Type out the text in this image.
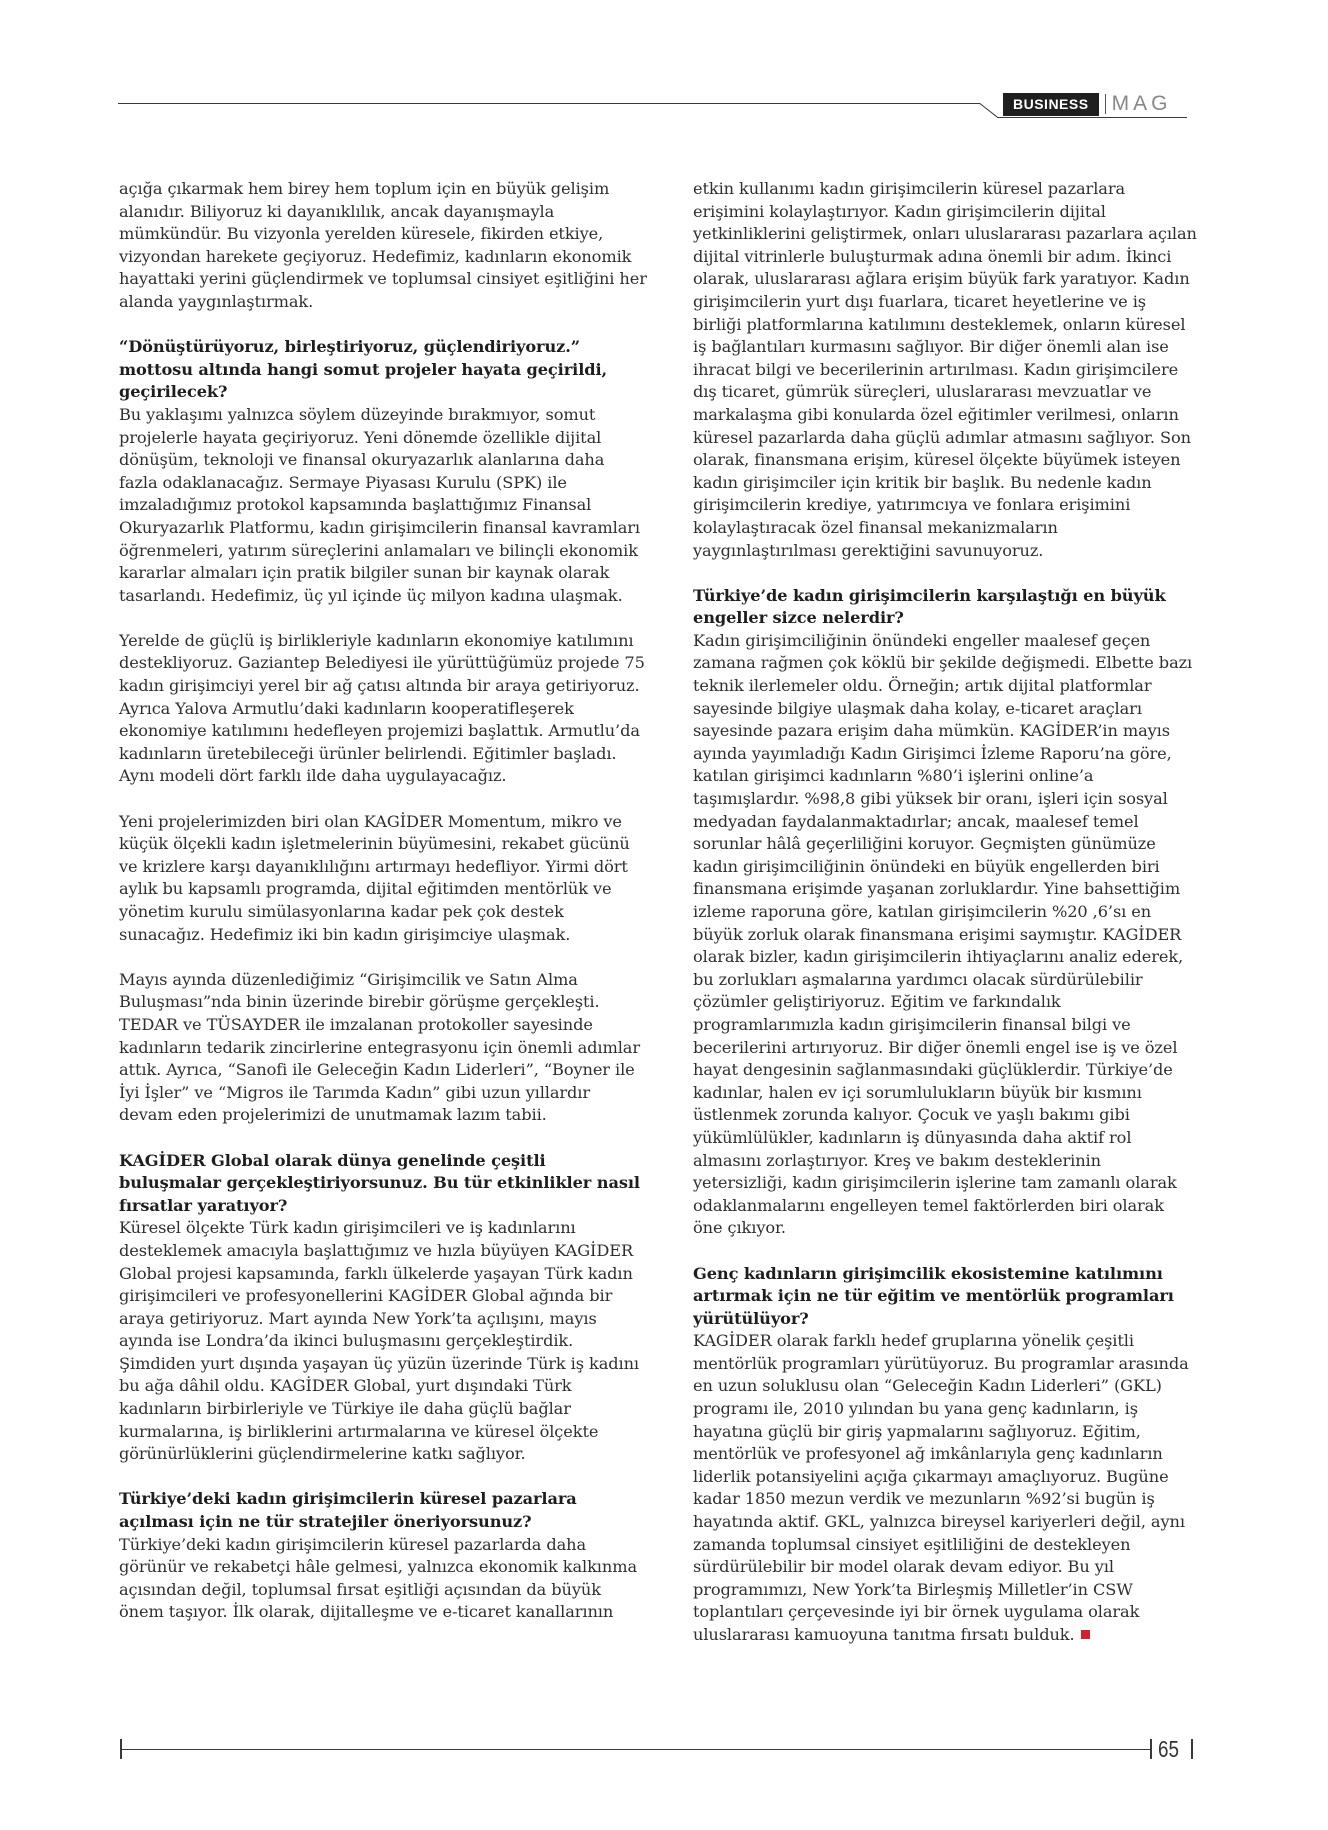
BUSINESS	MAG

açığa çıkarmak hem birey hem toplum için en büyük gelişim alanıdır. Biliyoruz ki dayanıklılık, ancak dayanışmayla mümkündür. Bu vizyonla yerelden küresele, fikirden etkiye, vizyondan harekete geçiyoruz. Hedefimiz, kadınların ekonomik hayattaki yerini güçlendirmek ve toplumsal cinsiyet eşitliğini her alanda yaygınlaştırmak.

“Dönüştürüyoruz, birleştiriyoruz, güçlendiriyoruz.” mottosu altında hangi somut projeler hayata geçirildi, geçirilecek?

Bu yaklaşımı yalnızca söylem düzeyinde bırakmıyor, somut projelerle hayata geçiriyoruz. Yeni dönemde özellikle dijital dönüşüm, teknoloji ve finansal okuryazarlık alanlarına daha fazla odaklanacağız. Sermaye Piyasası Kurulu (SPK) ile imzaladığımız protokol kapsamında başlattığımız Finansal Okuryazarlık Platformu, kadın girişimcilerin finansal kavramları öğrenmeleri, yatırım süreçlerini anlamaları ve bilinçli ekonomik kararlar almaları için pratik bilgiler sunan bir kaynak olarak tasarlandı. Hedefimiz, üç yıl içinde üç milyon kadına ulaşmak.

Yerelde de güçlü iş birlikleriyle kadınların ekonomiye katılımını destekliyoruz. Gaziantep Belediyesi ile yürüttüğümüz projede 75 kadın girişimciyi yerel bir ağ çatısı altında bir araya getiriyoruz. Ayrıca Yalova Armutlu’daki kadınların kooperatifleşerek ekonomiye katılımını hedefleyen projemizi başlattık. Armutlu’da kadınların üretebileceği ürünler belirlendi. Eğitimler başladı. Aynı modeli dört farklı ilde daha uygulayacağız.

Yeni projelerimizden biri olan KAGİDER Momentum, mikro ve küçük ölçekli kadın işletmelerinin büyümesini, rekabet gücünü ve krizlere karşı dayanıklılığını artırmayı hedefliyor. Yirmi dört aylık bu kapsamlı programda, dijital eğitimden mentörlük ve yönetim kurulu simülasyonlarına kadar pek çok destek sunacağız. Hedefimiz iki bin kadın girişimciye ulaşmak.

Mayıs ayında düzenlediğimiz “Girişimcilik ve Satın Alma Buluşması”nda binin üzerinde birebir görüşme gerçekleşti. TEDAR ve TÜSAYDER ile imzalanan protokoller sayesinde kadınların tedarik zincirlerine entegrasyonu için önemli adımlar attık. Ayrıca, “Sanofi ile Geleceğin Kadın Liderleri”, “Boyner ile İyi İşler” ve “Migros ile Tarımda Kadın” gibi uzun yıllardır devam eden projelerimizi de unutmamak lazım tabii.

KAGİDER Global olarak dünya genelinde çeşitli buluşmalar gerçekleştiriyorsunuz. Bu tür etkinlikler nasıl fırsatlar yaratıyor?

Küresel ölçekte Türk kadın girişimcileri ve iş kadınlarını desteklemek amacıyla başlattığımız ve hızla büyüyen KAGİDER Global projesi kapsamında, farklı ülkelerde yaşayan Türk kadın girişimcileri ve profesyonellerini KAGİDER Global ağında bir araya getiriyoruz. Mart ayında New York’ta açılışını, mayıs ayında ise Londra’da ikinci buluşmasını gerçekleştirdik. Şimdiden yurt dışında yaşayan üç yüzün üzerinde Türk iş kadını bu ağa dâhil oldu. KAGİDER Global, yurt dışındaki Türk kadınların birbirleriyle ve Türkiye ile daha güçlü bağlar kurmalarına, iş birliklerini artırmalarına ve küresel ölçekte görünürlüklerini güçlendirmelerine katkı sağlıyor.

Türkiye’deki kadın girişimcilerin küresel pazarlara açılması için ne tür stratejiler öneriyorsunuz?

Türkiye’deki kadın girişimcilerin küresel pazarlarda daha görünür ve rekabetçi hâle gelmesi, yalnızca ekonomik kalkınma açısından değil, toplumsal fırsat eşitliği açısından da büyük önem taşıyor. İlk olarak, dijitalleşme ve e-ticaret kanallarının

etkin kullanımı kadın girişimcilerin küresel pazarlara erişimini kolaylaştırıyor. Kadın girişimcilerin dijital yetkinliklerini geliştirmek, onları uluslararası pazarlara açılan dijital vitrinlerle buluşturmak adına önemli bir adım. İkinci olarak, uluslararası ağlara erişim büyük fark yaratıyor. Kadın girişimcilerin yurt dışı fuarlara, ticaret heyetlerine ve iş birliği platformlarına katılımını desteklemek, onların küresel iş bağlantıları kurmasını sağlıyor. Bir diğer önemli alan ise ihracat bilgi ve becerilerinin artırılması. Kadın girişimcilere dış ticaret, gümrük süreçleri, uluslararası mevzuatlar ve markalaşma gibi konularda özel eğitimler verilmesi, onların küresel pazarlarda daha güçlü adımlar atmasını sağlıyor. Son olarak, finansmana erişim, küresel ölçekte büyümek isteyen kadın girişimciler için kritik bir başlık. Bu nedenle kadın girişimcilerin krediye, yatırımcıya ve fonlara erişimini kolaylaştıracak özel finansal mekanizmaların yaygınlaştırılması gerektiğini savunuyoruz.

Türkiye’de kadın girişimcilerin karşılaştığı en büyük engeller sizce nelerdir?

Kadın girişimciliğinin önündeki engeller maalesef geçen zamana rağmen çok köklü bir şekilde değişmedi. Elbette bazı teknik ilerlemeler oldu. Örneğin; artık dijital platformlar sayesinde bilgiye ulaşmak daha kolay, e-ticaret araçları sayesinde pazara erişim daha mümkün. KAGİDER’in mayıs ayında yayımladığı Kadın Girişimci İzleme Raporu’na göre, katılan girişimci kadınların %80’i işlerini online’a taşımışlardır. %98,8 gibi yüksek bir oranı, işleri için sosyal medyadan faydalanmaktadırlar; ancak, maalesef temel sorunlar hâlâ geçerliliğini koruyor. Geçmişten günümüze kadın girişimciliğinin önündeki en büyük engellerden biri finansmana erişimde yaşanan zorluklardır. Yine bahsettiğim izleme raporuna göre, katılan girişimcilerin %20 ,6’sı en büyük zorluk olarak finansmana erişimi saymıştır. KAGİDER olarak bizler, kadın girişimcilerin ihtiyaçlarını analiz ederek, bu zorlukları aşmalarına yardımcı olacak sürdürülebilir çözümler geliştiriyoruz. Eğitim ve farkındalık programlarımızla kadın girişimcilerin finansal bilgi ve becerilerini artırıyoruz. Bir diğer önemli engel ise iş ve özel hayat dengesinin sağlanmasındaki güçlüklerdir. Türkiye’de kadınlar, halen ev içi sorumlulukların büyük bir kısmını üstlenmek zorunda kalıyor. Çocuk ve yaşlı bakımı gibi yükümlülükler, kadınların iş dünyasında daha aktif rol almasını zorlaştırıyor. Kreş ve bakım desteklerinin yetersizliği, kadın girişimcilerin işlerine tam zamanlı olarak odaklanmalarını engelleyen temel faktörlerden biri olarak öne çıkıyor.

Genç kadınların girişimcilik ekosistemine katılımını artırmak için ne tür eğitim ve mentörlük programları yürütülüyor?

KAGİDER olarak farklı hedef gruplarına yönelik çeşitli mentörlük programları yürütüyoruz. Bu programlar arasında en uzun soluklusu olan “Geleceğin Kadın Liderleri” (GKL) programı ile, 2010 yılından bu yana genç kadınların, iş hayatına güçlü bir giriş yapmalarını sağlıyoruz. Eğitim, mentörlük ve profesyonel ağ imkânlarıyla genç kadınların liderlik potansiyelini açığa çıkarmayı amaçlıyoruz. Bugüne kadar 1850 mezun verdik ve mezunların %92’si bugün iş hayatında aktif. GKL, yalnızca bireysel kariyerleri değil, aynı zamanda toplumsal cinsiyet eşitliliğini de destekleyen sürdürülebilir bir model olarak devam ediyor. Bu yıl programımızı, New York’ta Birleşmiş Milletler’in CSW toplantıları çerçevesinde iyi bir örnek uygulama olarak uluslararası kamuoyuna tanıtma fırsatı bulduk.

65
